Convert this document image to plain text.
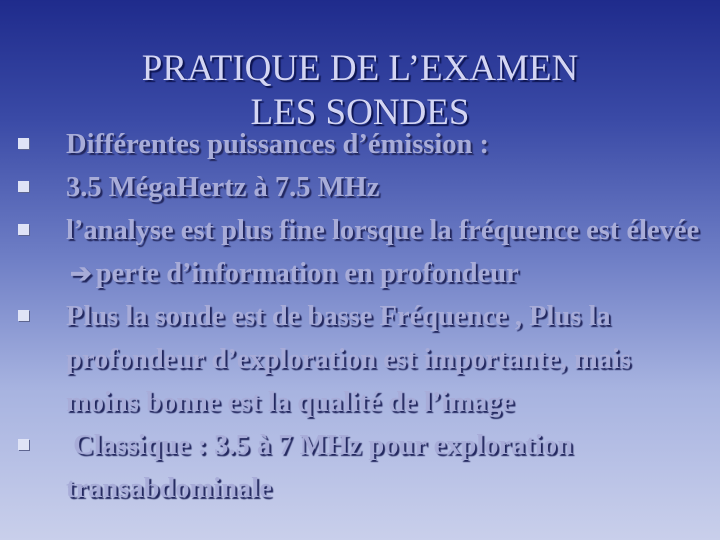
PRATIQUE DE L’EXAMEN
LES SONDES
Différentes puissances d’émission :
3.5 MégaHertz à 7.5 MHz
l’analyse est plus fine lorsque la fréquence est élevée➔ perte d’information en profondeur
Plus la sonde est de basse Fréquence , Plus la profondeur d’exploration est importante, mais moins bonne est la qualité de l’image
Classique : 3.5 à 7 MHz pour exploration transabdominale
